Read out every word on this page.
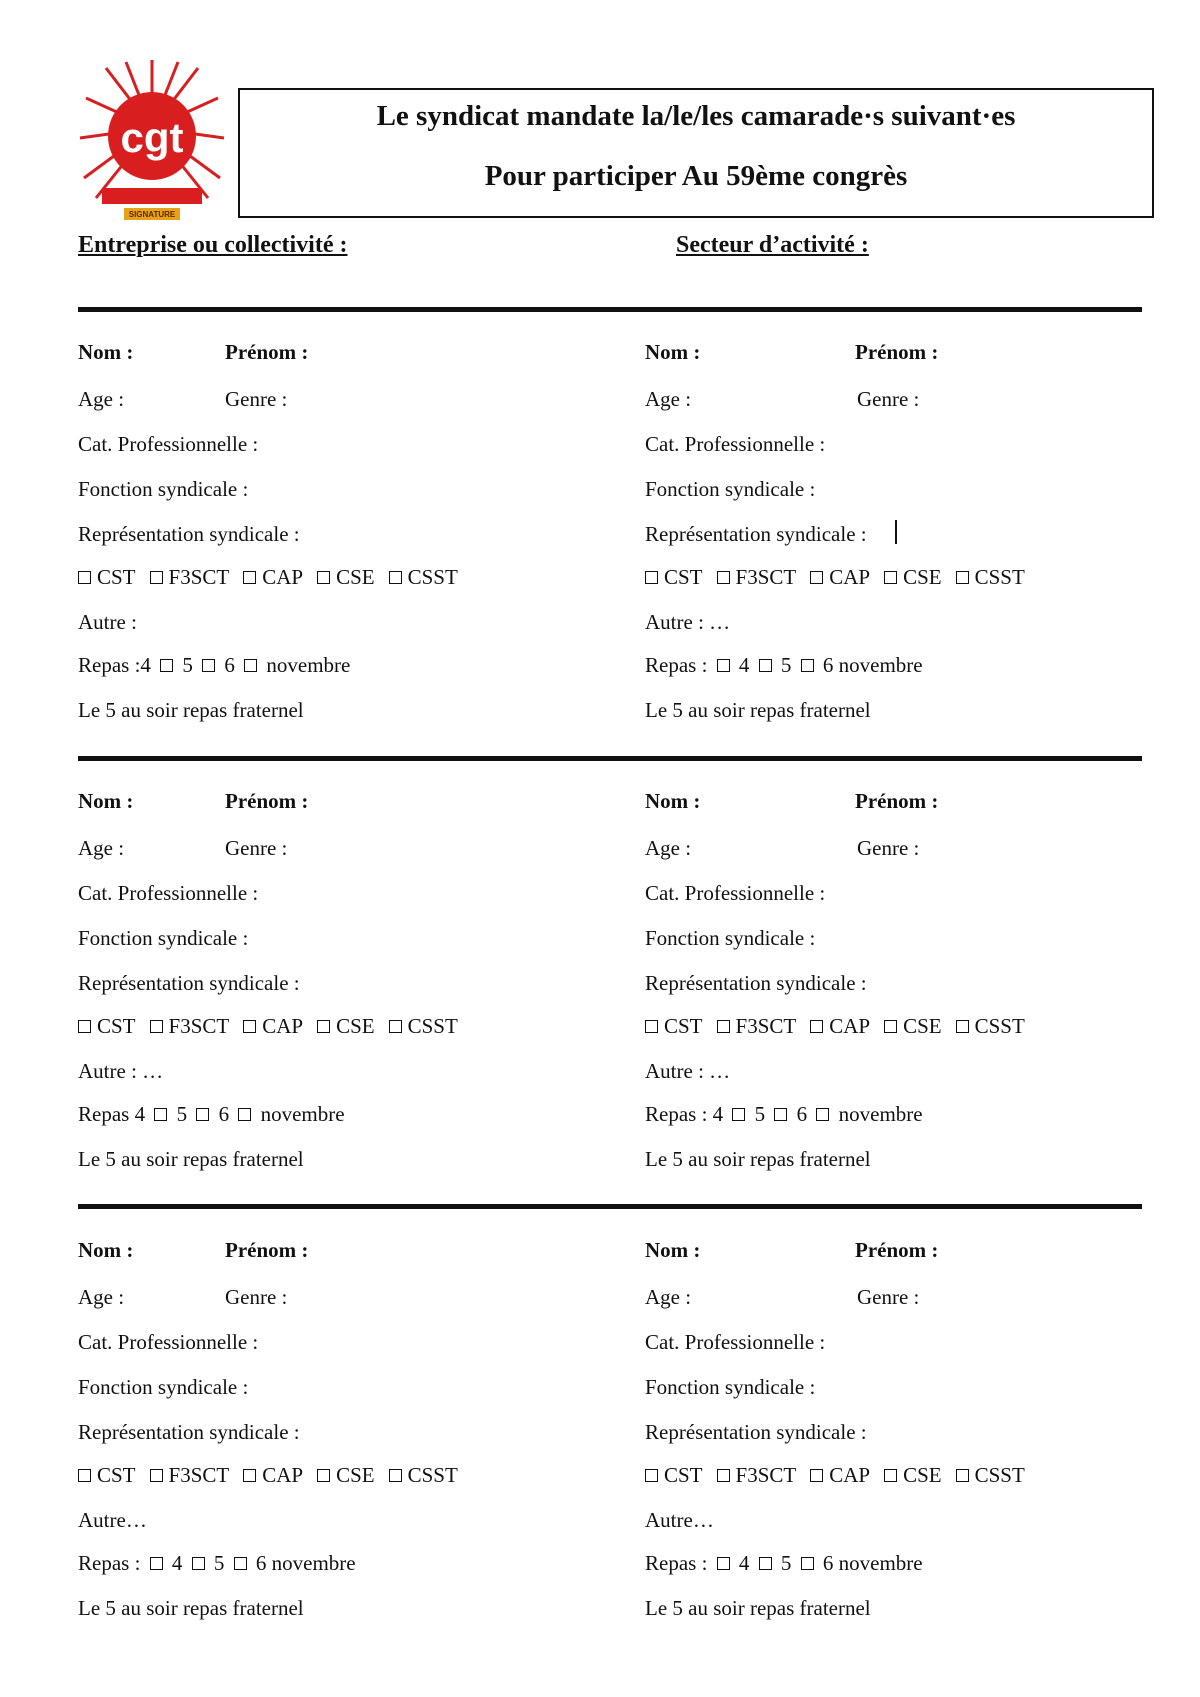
cgt
SIGNATURE
Le syndicat mandate la/le/les camarade·s suivant·es
Pour participer Au 59ème congrès
Entreprise ou collectivité :	Secteur d’activité :
Nom :	Prénom :
Age :	Genre :
Cat. Professionnelle :
Fonction syndicale :
Représentation syndicale :
CST F3SCT CAP CSE CSST
Autre :
Repas :4 5 6 novembre
Le 5 au soir repas fraternel
Nom :	Prénom :
Age :	Genre :
Cat. Professionnelle :
Fonction syndicale :
Représentation syndicale :
CST F3SCT CAP CSE CSST
Autre : …
Repas : 4 5 6 novembre
Le 5 au soir repas fraternel
Nom :	Prénom :
Age :	Genre :
Cat. Professionnelle :
Fonction syndicale :
Représentation syndicale :
CST F3SCT CAP CSE CSST
Autre : …
Repas 4 5 6 novembre
Le 5 au soir repas fraternel
Nom :	Prénom :
Age :	Genre :
Cat. Professionnelle :
Fonction syndicale :
Représentation syndicale :
CST F3SCT CAP CSE CSST
Autre : …
Repas : 4 5 6 novembre
Le 5 au soir repas fraternel
Nom :	Prénom :
Age :	Genre :
Cat. Professionnelle :
Fonction syndicale :
Représentation syndicale :
CST F3SCT CAP CSE CSST
Autre…
Repas : 4 5 6 novembre
Le 5 au soir repas fraternel
Nom :	Prénom :
Age :	Genre :
Cat. Professionnelle :
Fonction syndicale :
Représentation syndicale :
CST F3SCT CAP CSE CSST
Autre…
Repas : 4 5 6 novembre
Le 5 au soir repas fraternel
